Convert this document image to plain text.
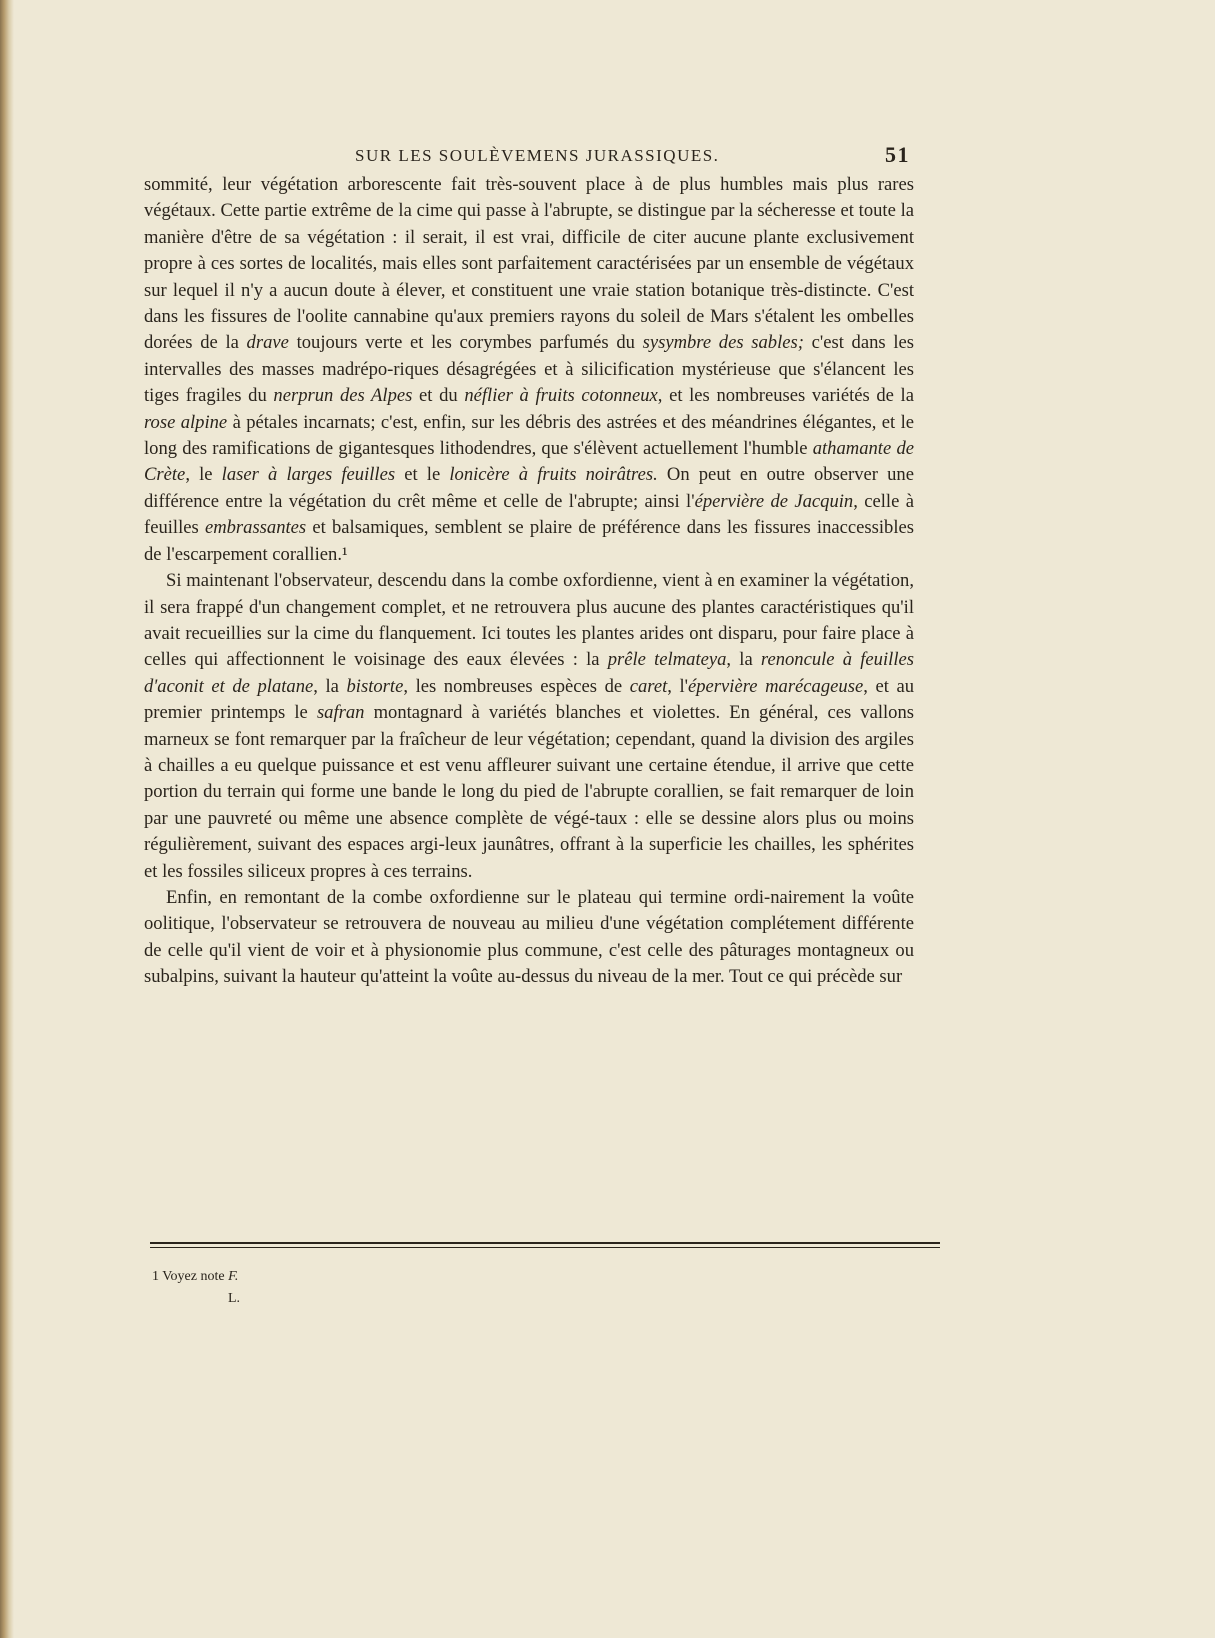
SUR LES SOULÈVEMENS JURASSIQUES.	51

sommité, leur végétation arborescente fait très-souvent place à de plus humbles mais plus rares végétaux. Cette partie extrême de la cime qui passe à l'abrupte, se distingue par la sécheresse et toute la manière d'être de sa végétation : il serait, il est vrai, difficile de citer aucune plante exclusivement propre à ces sortes de localités, mais elles sont parfaitement caractérisées par un ensemble de végétaux sur lequel il n'y a aucun doute à élever, et constituent une vraie station botanique très-distincte. C'est dans les fissures de l'oolite cannabine qu'aux premiers rayons du soleil de Mars s'étalent les ombelles dorées de la drave toujours verte et les corymbes parfumés du sysymbre des sables; c'est dans les intervalles des masses madrépo-riques désagrégées et à silicification mystérieuse que s'élancent les tiges fragiles du nerprun des Alpes et du néflier à fruits cotonneux, et les nombreuses variétés de la rose alpine à pétales incarnats; c'est, enfin, sur les débris des astrées et des méandrines élégantes, et le long des ramifications de gigantesques lithodendres, que s'élèvent actuellement l'humble athamante de Crète, le laser à larges feuilles et le lonicère à fruits noirâtres. On peut en outre observer une différence entre la végétation du crêt même et celle de l'abrupte; ainsi l'épervière de Jacquin, celle à feuilles embrassantes et balsamiques, semblent se plaire de préférence dans les fissures inaccessibles de l'escarpement corallien.¹

Si maintenant l'observateur, descendu dans la combe oxfordienne, vient à en examiner la végétation, il sera frappé d'un changement complet, et ne retrouvera plus aucune des plantes caractéristiques qu'il avait recueillies sur la cime du flanquement. Ici toutes les plantes arides ont disparu, pour faire place à celles qui affectionnent le voisinage des eaux élevées : la prêle telmateya, la renoncule à feuilles d'aconit et de platane, la bistorte, les nombreuses espèces de caret, l'épervière marécageuse, et au premier printemps le safran montagnard à variétés blanches et violettes. En général, ces vallons marneux se font remarquer par la fraîcheur de leur végétation; cependant, quand la division des argiles à chailles a eu quelque puissance et est venu affleurer suivant une certaine étendue, il arrive que cette portion du terrain qui forme une bande le long du pied de l'abrupte corallien, se fait remarquer de loin par une pauvreté ou même une absence complète de végé-taux : elle se dessine alors plus ou moins régulièrement, suivant des espaces argi-leux jaunâtres, offrant à la superficie les chailles, les sphérites et les fossiles siliceux propres à ces terrains.

Enfin, en remontant de la combe oxfordienne sur le plateau qui termine ordi-nairement la voûte oolitique, l'observateur se retrouvera de nouveau au milieu d'une végétation complétement différente de celle qu'il vient de voir et à physionomie plus commune, c'est celle des pâturages montagneux ou subalpins, suivant la hauteur qu'atteint la voûte au-dessus du niveau de la mer. Tout ce qui précède sur

1 Voyez note F.
L.
